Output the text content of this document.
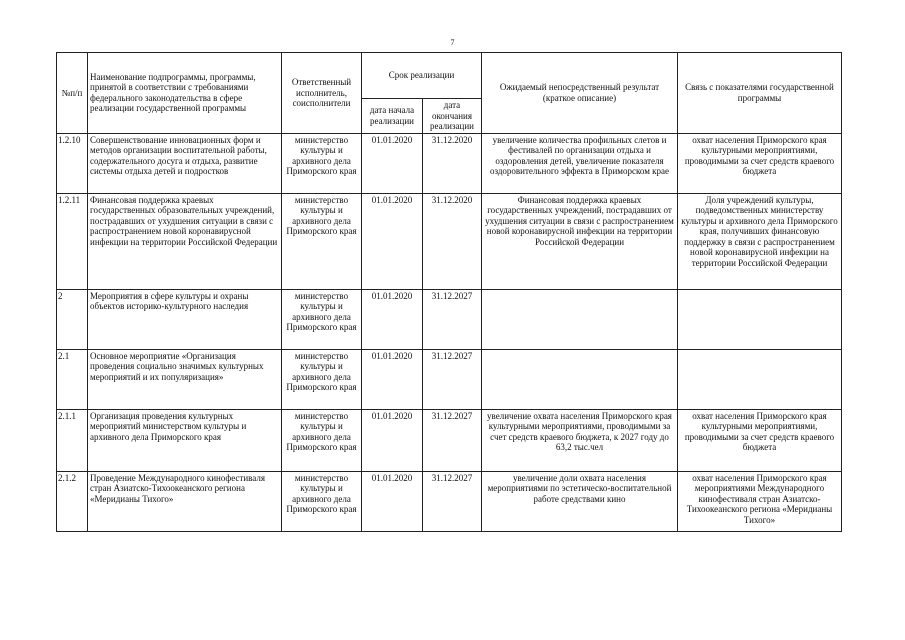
7
№п/п	Наименование подпрограммы, программы, принятой в соответствии с требованиями федерального законодательства в сфере реализации государственной программы	Ответственный исполнитель, соисполнители	Срок реализации		Ожидаемый непосредственный результат (краткое описание)	Связь с показателями государственной программы
			дата начала реализации	дата окончания реализации		
1.2.10	Совершенствование инновационных форм и методов организации воспитательной работы, содержательного досуга и отдыха, развитие системы отдыха детей и подростков	министерство культуры и архивного дела Приморского края	01.01.2020	31.12.2020	увеличение количества профильных слетов и фестивалей по организации отдыха и оздоровления детей, увеличение показателя оздоровительного эффекта в Приморском крае	охват населения Приморского края культурными мероприятиями, проводимыми за счет средств краевого бюджета
1.2.11	Финансовая поддержка краевых государственных образовательных учреждений, пострадавших от ухудшения ситуации в связи с распространением новой коронавирусной инфекции на территории Российской Федерации	министерство культуры и архивного дела Приморского края	01.01.2020	31.12.2020	Финансовая поддержка краевых государственных учреждений, пострадавших от ухудшения ситуации в связи с распространением новой коронавирусной инфекции на территории Российской Федерации	Доля учреждений культуры, подведомственных министерству культуры и архивного дела Приморского края, получивших финансовую поддержку в связи с распространением новой коронавирусной инфекции на территории Российской Федерации
2	Мероприятия в сфере культуры и охраны объектов историко-культурного наследия	министерство культуры и архивного дела Приморского края	01.01.2020	31.12.2027		
2.1	Основное мероприятие «Организация проведения социально значимых культурных мероприятий и их популяризация»	министерство культуры и архивного дела Приморского края	01.01.2020	31.12.2027		
2.1.1	Организация проведения культурных мероприятий министерством культуры и архивного дела Приморского края	министерство культуры и архивного дела Приморского края	01.01.2020	31.12.2027	увеличение охвата населения Приморского края культурными мероприятиями, проводимыми за счет средств краевого бюджета, к 2027 году до 63,2 тыс.чел	охват населения Приморского края культурными мероприятиями, проводимыми за счет средств краевого бюджета
2.1.2	Проведение Международного кинофестиваля стран Азиатско-Тихоокеанского региона «Меридианы Тихого»	министерство культуры и архивного дела Приморского края	01.01.2020	31.12.2027	увеличение доли охвата населения мероприятиями по эстетическо-воспитательной работе средствами кино	охват населения Приморского края мероприятиями Международного кинофестиваля стран Азиатско-Тихоокеанского региона «Меридианы Тихого»
